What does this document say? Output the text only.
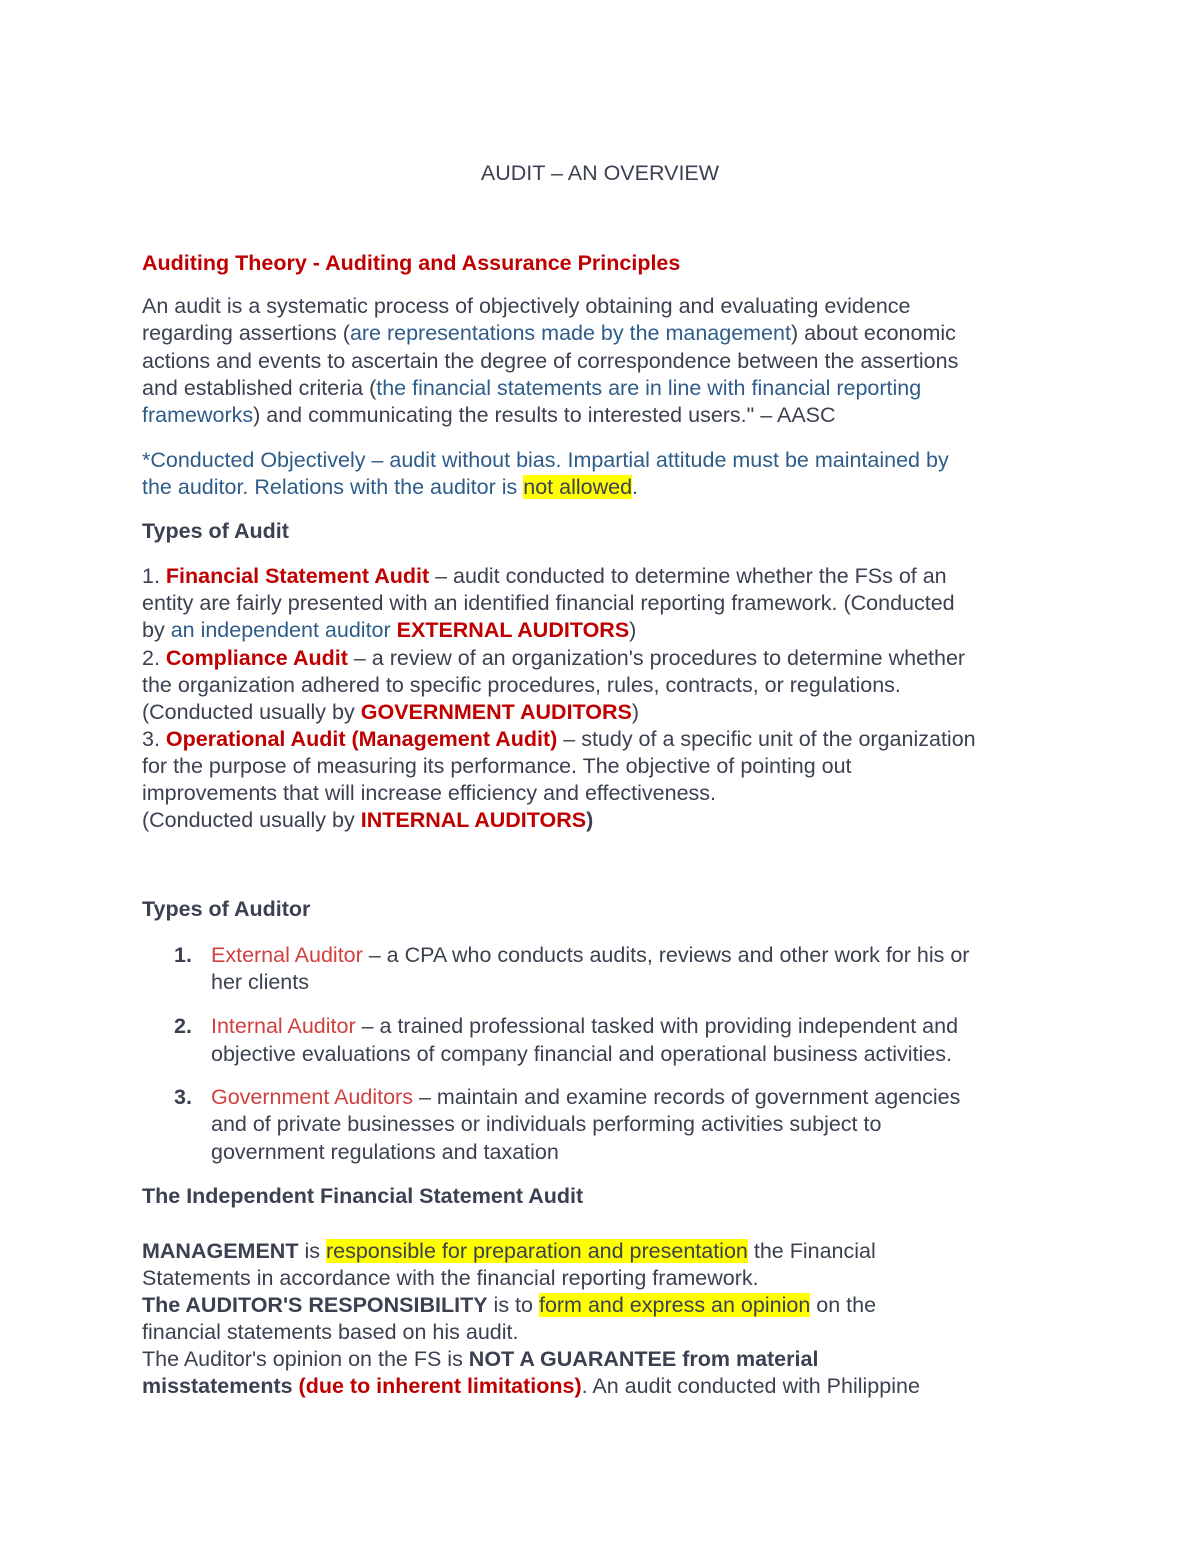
AUDIT – AN OVERVIEW
Auditing Theory - Auditing and Assurance Principles
An audit is a systematic process of objectively obtaining and evaluating evidence
regarding assertions (are representations made by the management) about economic
actions and events to ascertain the degree of correspondence between the assertions
and established criteria (the financial statements are in line with financial reporting
frameworks) and communicating the results to interested users." – AASC
*Conducted Objectively – audit without bias. Impartial attitude must be maintained by
the auditor. Relations with the auditor is not allowed.
Types of Audit
1. Financial Statement Audit – audit conducted to determine whether the FSs of an
entity are fairly presented with an identified financial reporting framework. (Conducted
by an independent auditor EXTERNAL AUDITORS)
2. Compliance Audit – a review of an organization's procedures to determine whether
the organization adhered to specific procedures, rules, contracts, or regulations.
(Conducted usually by GOVERNMENT AUDITORS)
3. Operational Audit (Management Audit) – study of a specific unit of the organization
for the purpose of measuring its performance. The objective of pointing out
improvements that will increase efficiency and effectiveness.
(Conducted usually by INTERNAL AUDITORS)
Types of Auditor
1. External Auditor – a CPA who conducts audits, reviews and other work for his or
her clients
2. Internal Auditor – a trained professional tasked with providing independent and
objective evaluations of company financial and operational business activities.
3. Government Auditors – maintain and examine records of government agencies
and of private businesses or individuals performing activities subject to
government regulations and taxation
The Independent Financial Statement Audit
MANAGEMENT is responsible for preparation and presentation the Financial
Statements in accordance with the financial reporting framework.
The AUDITOR'S RESPONSIBILITY is to form and express an opinion on the
financial statements based on his audit.
The Auditor's opinion on the FS is NOT A GUARANTEE from material
misstatements (due to inherent limitations). An audit conducted with Philippine
